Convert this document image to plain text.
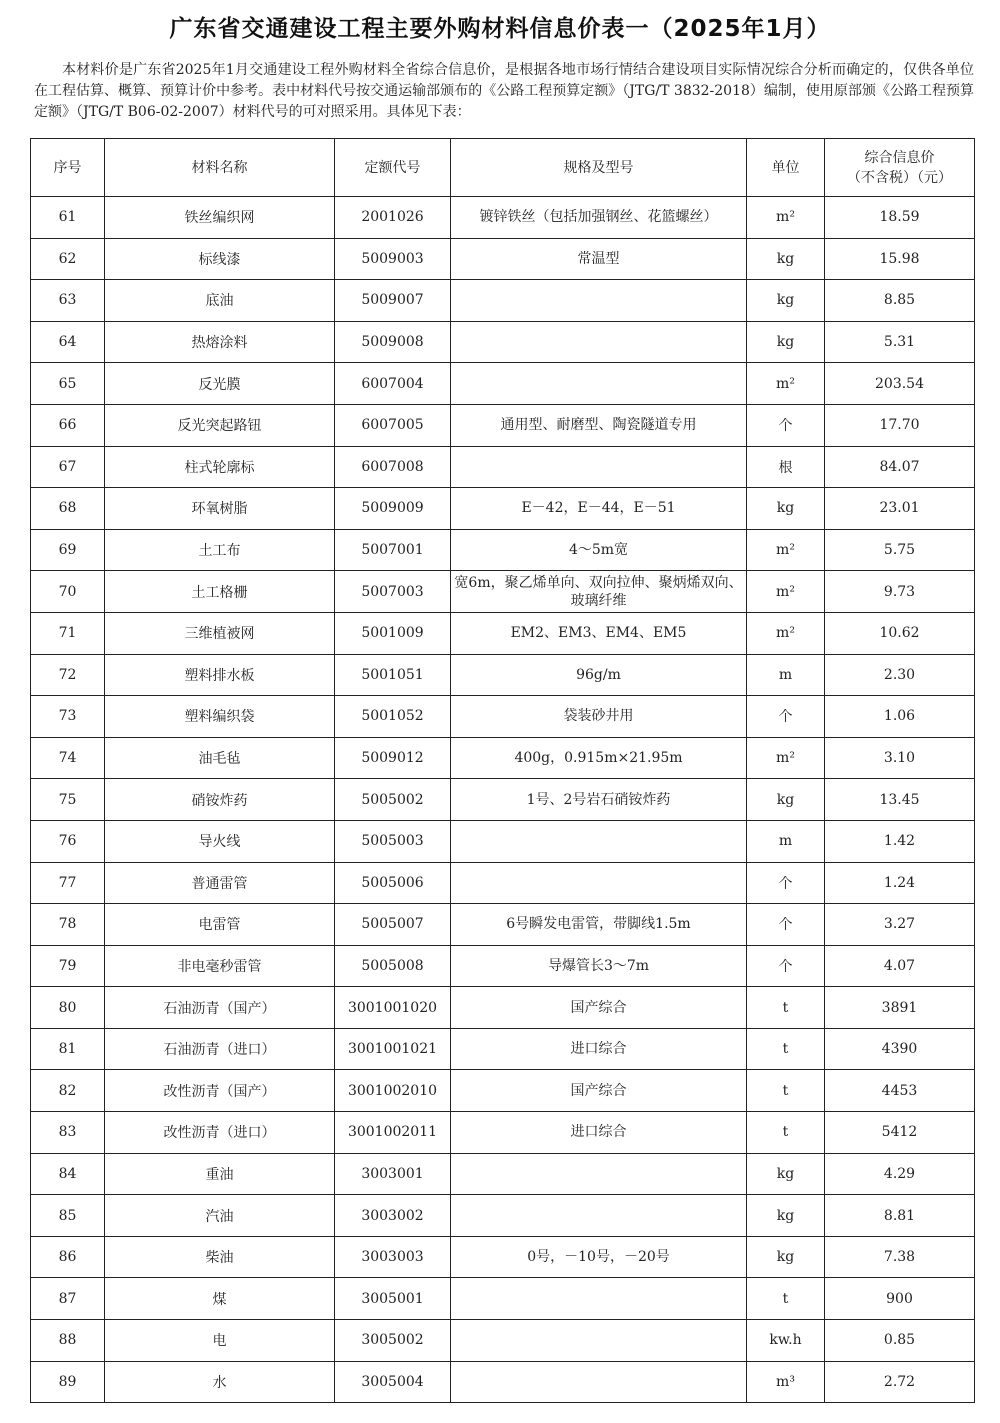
广东省交通建设工程主要外购材料信息价表一（2025年1月）

本材料价是广东省2025年1月交通建设工程外购材料全省综合信息价，是根据各地市场行情结合建设项目实际情况综合分析而确定的，仅供各单位在工程估算、概算、预算计价中参考。表中材料代号按交通运输部颁布的《公路工程预算定额》（JTG/T 3832-2018）编制，使用原部颁《公路工程预算定额》（JTG/T B06-02-2007）材料代号的可对照采用。具体见下表：

序号	材料名称	定额代号	规格及型号	单位	综合信息价
（不含税）（元）

61	铁丝编织网	2001026	镀锌铁丝（包括加强钢丝、花篮螺丝）	m²	18.59
62	标线漆	5009003	常温型	kg	15.98
63	底油	5009007		kg	8.85
64	热熔涂料	5009008		kg	5.31
65	反光膜	6007004		m²	203.54
66	反光突起路钮	6007005	通用型、耐磨型、陶瓷隧道专用	个	17.70
67	柱式轮廓标	6007008		根	84.07
68	环氧树脂	5009009	E－42，E－44，E－51	kg	23.01
69	土工布	5007001	4～5m宽	m²	5.75
70	土工格栅	5007003	宽6m，聚乙烯单向、双向拉伸、聚炳烯双向、玻璃纤维	m²	9.73
71	三维植被网	5001009	EM2、EM3、EM4、EM5	m²	10.62
72	塑料排水板	5001051	96g/m	m	2.30
73	塑料编织袋	5001052	袋装砂井用	个	1.06
74	油毛毡	5009012	400g，0.915m×21.95m	m²	3.10
75	硝铵炸药	5005002	1号、2号岩石硝铵炸药	kg	13.45
76	导火线	5005003		m	1.42
77	普通雷管	5005006		个	1.24
78	电雷管	5005007	6号瞬发电雷管，带脚线1.5m	个	3.27
79	非电毫秒雷管	5005008	导爆管长3～7m	个	4.07
80	石油沥青（国产）	3001001020	国产综合	t	3891
81	石油沥青（进口）	3001001021	进口综合	t	4390
82	改性沥青（国产）	3001002010	国产综合	t	4453
83	改性沥青（进口）	3001002011	进口综合	t	5412
84	重油	3003001		kg	4.29
85	汽油	3003002		kg	8.81
86	柴油	3003003	0号，－10号，－20号	kg	7.38
87	煤	3005001		t	900
88	电	3005002		kw.h	0.85
89	水	3005004		m³	2.72
